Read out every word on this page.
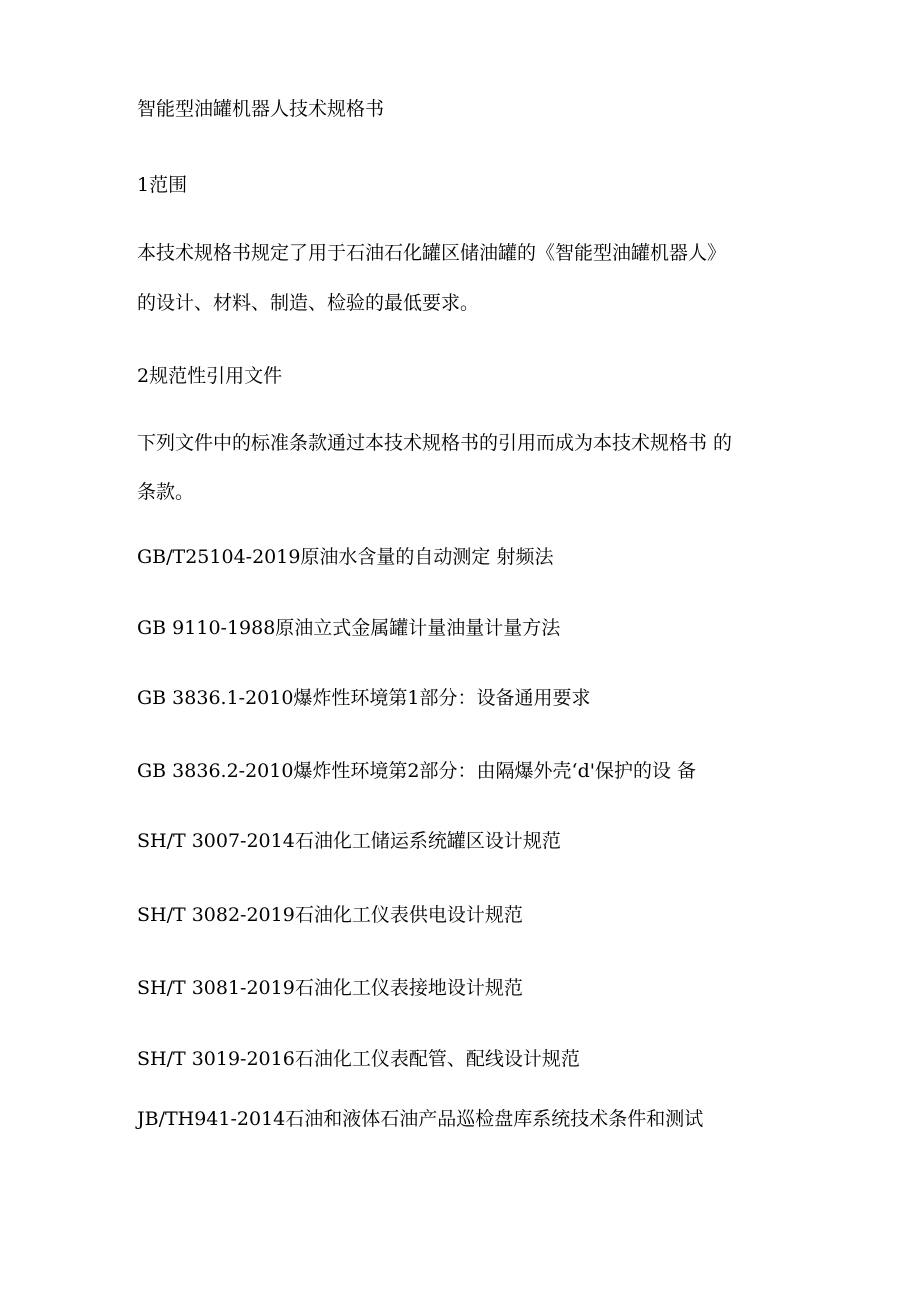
智能型油罐机器人技术规格书
1范围
本技术规格书规定了用于石油石化罐区储油罐的《智能型油罐机器人》
的设计、材料、制造、检验的最低要求。
2规范性引用文件
下列文件中的标准条款通过本技术规格书的引用而成为本技术规格书 的
条款。
GB/T25104-2019原油水含量的自动测定 射频法
GB 9110-1988原油立式金属罐计量油量计量方法
GB 3836.1-2010爆炸性环境第1部分：设备通用要求
GB 3836.2-2010爆炸性环境第2部分：由隔爆外壳‘d'保护的设 备
SH/T 3007-2014石油化工储运系统罐区设计规范
SH/T 3082-2019石油化工仪表供电设计规范
SH/T 3081-2019石油化工仪表接地设计规范
SH/T 3019-2016石油化工仪表配管、配线设计规范
JB/TH941-2014石油和液体石油产品巡检盘库系统技术条件和测试
